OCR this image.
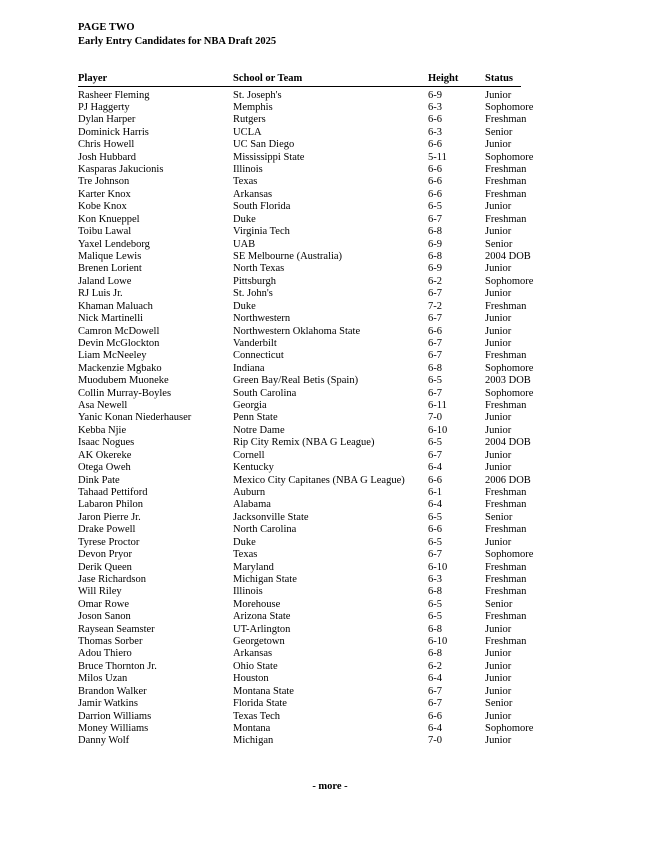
PAGE TWO
Early Entry Candidates for NBA Draft 2025
Player	School or Team	Height	Status
Rasheer Fleming	St. Joseph's	6-9	Junior
PJ Haggerty	Memphis	6-3	Sophomore
Dylan Harper	Rutgers	6-6	Freshman
Dominick Harris	UCLA	6-3	Senior
Chris Howell	UC San Diego	6-6	Junior
Josh Hubbard	Mississippi State	5-11	Sophomore
Kasparas Jakucionis	Illinois	6-6	Freshman
Tre Johnson	Texas	6-6	Freshman
Karter Knox	Arkansas	6-6	Freshman
Kobe Knox	South Florida	6-5	Junior
Kon Knueppel	Duke	6-7	Freshman
Toibu Lawal	Virginia Tech	6-8	Junior
Yaxel Lendeborg	UAB	6-9	Senior
Malique Lewis	SE Melbourne (Australia)	6-8	2004 DOB
Brenen Lorient	North Texas	6-9	Junior
Jaland Lowe	Pittsburgh	6-2	Sophomore
RJ Luis Jr.	St. John's	6-7	Junior
Khaman Maluach	Duke	7-2	Freshman
Nick Martinelli	Northwestern	6-7	Junior
Camron McDowell	Northwestern Oklahoma State	6-6	Junior
Devin McGlockton	Vanderbilt	6-7	Junior
Liam McNeeley	Connecticut	6-7	Freshman
Mackenzie Mgbako	Indiana	6-8	Sophomore
Muodubem Muoneke	Green Bay/Real Betis (Spain)	6-5	2003 DOB
Collin Murray-Boyles	South Carolina	6-7	Sophomore
Asa Newell	Georgia	6-11	Freshman
Yanic Konan Niederhauser	Penn State	7-0	Junior
Kebba Njie	Notre Dame	6-10	Junior
Isaac Nogues	Rip City Remix (NBA G League)	6-5	2004 DOB
AK Okereke	Cornell	6-7	Junior
Otega Oweh	Kentucky	6-4	Junior
Dink Pate	Mexico City Capitanes (NBA G League)	6-6	2006 DOB
Tahaad Pettiford	Auburn	6-1	Freshman
Labaron Philon	Alabama	6-4	Freshman
Jaron Pierre Jr.	Jacksonville State	6-5	Senior
Drake Powell	North Carolina	6-6	Freshman
Tyrese Proctor	Duke	6-5	Junior
Devon Pryor	Texas	6-7	Sophomore
Derik Queen	Maryland	6-10	Freshman
Jase Richardson	Michigan State	6-3	Freshman
Will Riley	Illinois	6-8	Freshman
Omar Rowe	Morehouse	6-5	Senior
Joson Sanon	Arizona State	6-5	Freshman
Raysean Seamster	UT-Arlington	6-8	Junior
Thomas Sorber	Georgetown	6-10	Freshman
Adou Thiero	Arkansas	6-8	Junior
Bruce Thornton Jr.	Ohio State	6-2	Junior
Milos Uzan	Houston	6-4	Junior
Brandon Walker	Montana State	6-7	Junior
Jamir Watkins	Florida State	6-7	Senior
Darrion Williams	Texas Tech	6-6	Junior
Money Williams	Montana	6-4	Sophomore
Danny Wolf	Michigan	7-0	Junior
- more -
